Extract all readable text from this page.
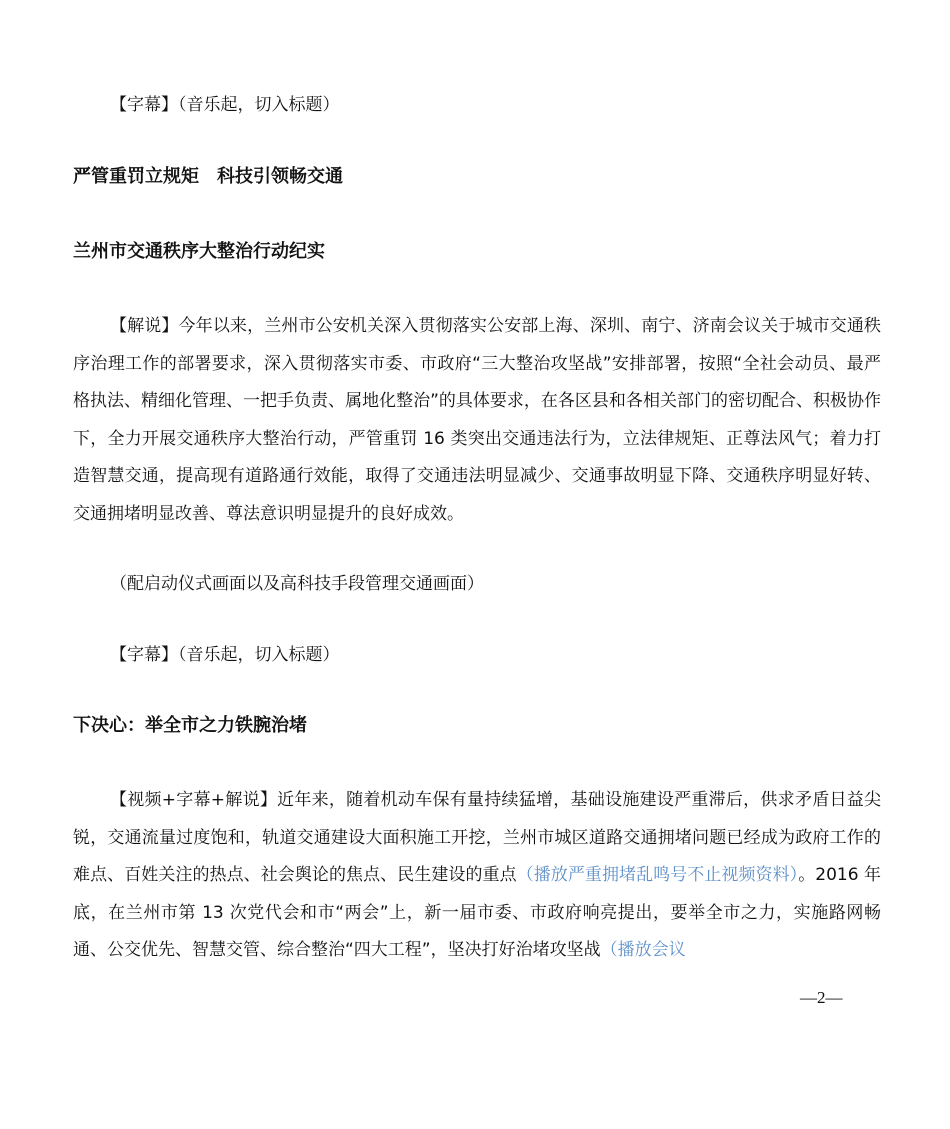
【字幕】（音乐起，切入标题）
严管重罚立规矩　科技引领畅交通
兰州市交通秩序大整治行动纪实
【解说】今年以来，兰州市公安机关深入贯彻落实公安部上海、深圳、南宁、济南会议关于城市交通秩序治理工作的部署要求，深入贯彻落实市委、市政府“三大整治攻坚战”安排部署，按照“全社会动员、最严格执法、精细化管理、一把手负责、属地化整治”的具体要求，在各区县和各相关部门的密切配合、积极协作下，全力开展交通秩序大整治行动，严管重罚 16 类突出交通违法行为，立法律规矩、正尊法风气；着力打造智慧交通，提高现有道路通行效能，取得了交通违法明显减少、交通事故明显下降、交通秩序明显好转、交通拥堵明显改善、尊法意识明显提升的良好成效。
（配启动仪式画面以及高科技手段管理交通画面）
【字幕】（音乐起，切入标题）
下决心：举全市之力铁腕治堵
【视频+字幕+解说】近年来，随着机动车保有量持续猛增，基础设施建设严重滞后，供求矛盾日益尖锐，交通流量过度饱和，轨道交通建设大面积施工开挖，兰州市城区道路交通拥堵问题已经成为政府工作的难点、百姓关注的热点、社会舆论的焦点、民生建设的重点（播放严重拥堵乱鸣号不止视频资料）。2016 年底，在兰州市第 13 次党代会和市“两会”上，新一届市委、市政府响亮提出，要举全市之力，实施路网畅通、公交优先、智慧交管、综合整治“四大工程”，坚决打好治堵攻坚战（播放会议
—2—
